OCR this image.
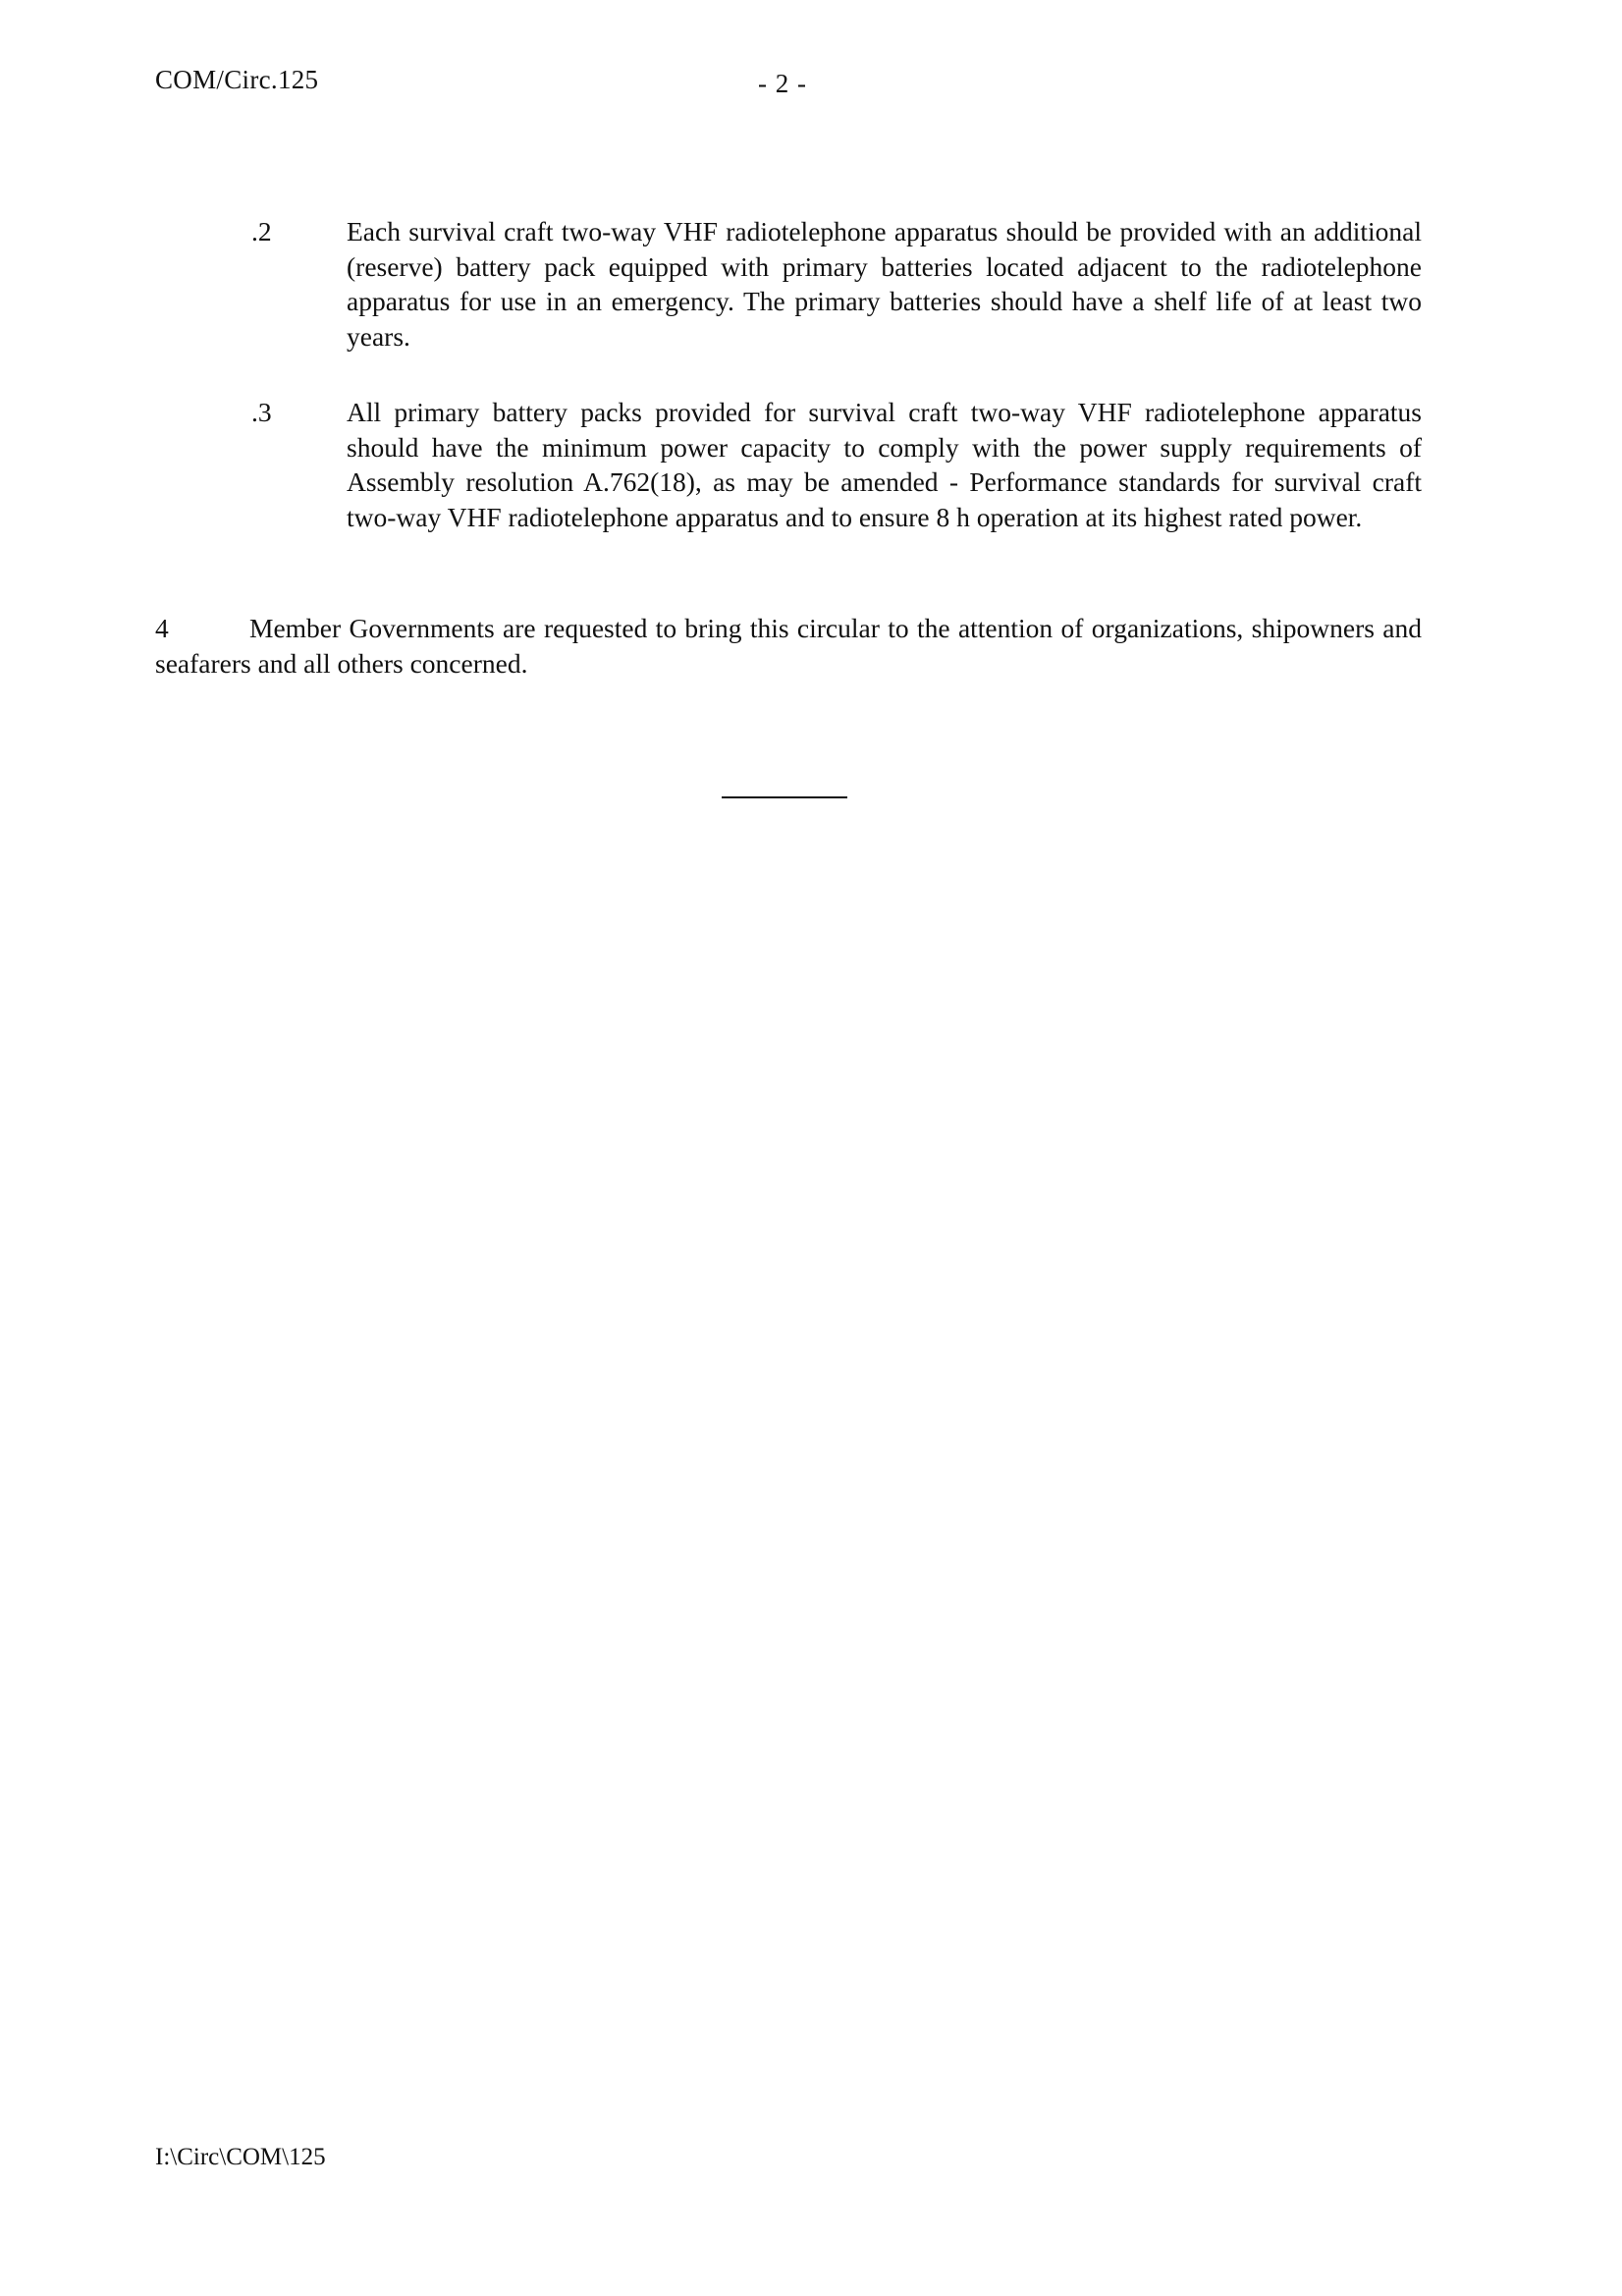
COM/Circ.125	- 2 -
.2	Each survival craft two-way VHF radiotelephone apparatus should be provided with an additional (reserve) battery pack equipped with primary batteries located adjacent to the radiotelephone apparatus for use in an emergency. The primary batteries should have a shelf life of at least two years.
.3	All primary battery packs provided for survival craft two-way VHF radiotelephone apparatus should have the minimum power capacity to comply with the power supply requirements of Assembly resolution A.762(18), as may be amended - Performance standards for survival craft two-way VHF radiotelephone apparatus and to ensure 8 h operation at its highest rated power.
4	Member Governments are requested to bring this circular to the attention of organizations, shipowners and seafarers and all others concerned.
I:\Circ\COM\125
